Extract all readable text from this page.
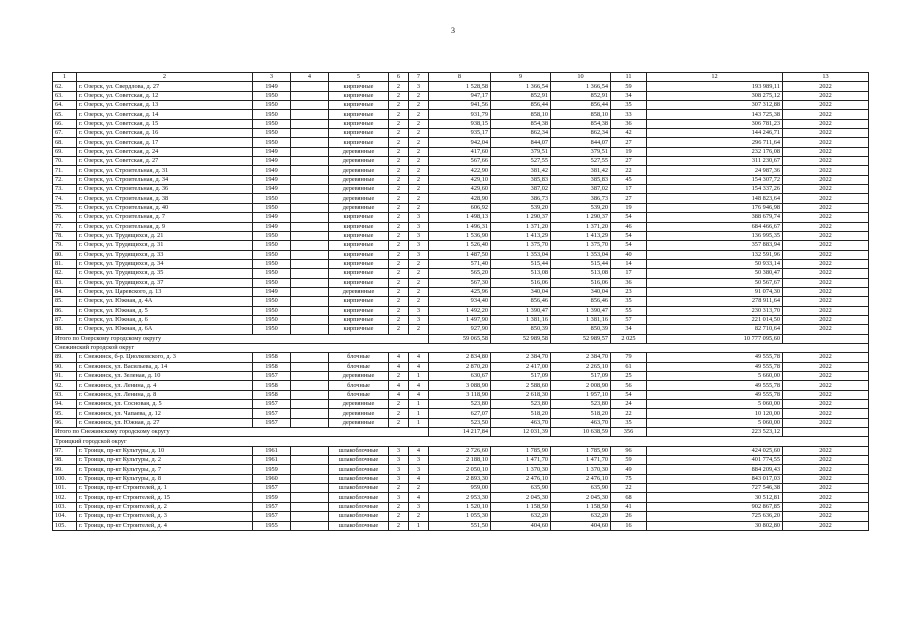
3
1	2	3	4	5	6	7	8	9	10	11	12	13
62.	г. Озерск, ул. Свердлова, д. 27	1949		кирпичные	2	3	1 528,58	1 366,54	1 366,54	59	193 989,11	2022
63.	г. Озерск, ул. Советская, д. 12	1950		кирпичные	2	2	947,17	852,91	852,91	34	308 275,12	2022
64.	г. Озерск, ул. Советская, д. 13	1950		кирпичные	2	2	941,56	856,44	856,44	35	307 312,88	2022
65.	г. Озерск, ул. Советская, д. 14	1950		кирпичные	2	2	931,79	858,10	858,10	33	143 725,38	2022
66.	г. Озерск, ул. Советская, д. 15	1950		кирпичные	2	2	938,15	854,38	854,38	36	306 781,23	2022
67.	г. Озерск, ул. Советская, д. 16	1950		кирпичные	2	2	935,17	862,34	862,34	42	144 246,71	2022
68.	г. Озерск, ул. Советская, д. 17	1950		кирпичные	2	2	942,04	844,07	844,07	27	296 711,64	2022
69.	г. Озерск, ул. Советская, д. 24	1949		деревянные	2	2	417,60	379,51	379,51	19	232 176,08	2022
70.	г. Озерск, ул. Советская, д. 27	1949		деревянные	2	2	567,66	527,55	527,55	27	311 230,67	2022
71.	г. Озерск, ул. Строительная, д. 31	1949		деревянные	2	2	422,90	381,42	381,42	22	24 987,36	2022
72.	г. Озерск, ул. Строительная, д. 34	1949		деревянные	2	2	429,10	385,83	385,83	45	154 307,72	2022
73.	г. Озерск, ул. Строительная, д. 36	1949		деревянные	2	2	429,60	387,02	387,02	17	154 337,26	2022
74.	г. Озерск, ул. Строительная, д. 38	1950		деревянные	2	2	428,90	386,73	386,73	27	148 823,64	2022
75.	г. Озерск, ул. Строительная, д. 40	1950		деревянные	2	2	606,92	539,20	539,20	19	176 946,98	2022
76.	г. Озерск, ул. Строительная, д. 7	1949		кирпичные	2	3	1 498,13	1 290,37	1 290,37	54	388 679,74	2022
77.	г. Озерск, ул. Строительная, д. 9	1949		кирпичные	2	3	1 496,31	1 371,20	1 371,20	46	684 466,67	2022
78.	г. Озерск, ул. Трудящихся, д. 21	1950		кирпичные	2	3	1 536,90	1 413,29	1 413,29	54	136 995,35	2022
79.	г. Озерск, ул. Трудящихся, д. 31	1950		кирпичные	2	3	1 526,40	1 375,70	1 375,70	54	357 883,94	2022
80.	г. Озерск, ул. Трудящихся, д. 33	1950		кирпичные	2	3	1 487,50	1 353,04	1 353,04	40	132 591,96	2022
81.	г. Озерск, ул. Трудящихся, д. 34	1950		кирпичные	2	2	571,40	515,44	515,44	14	50 933,14	2022
82.	г. Озерск, ул. Трудящихся, д. 35	1950		кирпичные	2	2	565,20	513,08	513,08	17	50 380,47	2022
83.	г. Озерск, ул. Трудящихся, д. 37	1950		кирпичные	2	2	567,30	516,06	516,06	36	50 567,67	2022
84.	г. Озерск, ул. Царевского, д. 13	1949		деревянные	2	2	425,96	340,04	340,04	23	91 074,30	2022
85.	г. Озерск, ул. Южная, д. 4А	1950		кирпичные	2	2	934,40	856,46	856,46	35	278 911,64	2022
86.	г. Озерск, ул. Южная, д. 5	1950		кирпичные	2	3	1 492,20	1 390,47	1 390,47	55	230 313,70	2022
87.	г. Озерск, ул. Южная, д. 6	1950		кирпичные	2	3	1 497,90	1 381,16	1 381,16	57	221 014,50	2022
88.	г. Озерск, ул. Южная, д. 6А	1950		кирпичные	2	2	927,90	850,39	850,39	34	82 710,64	2022
Итого по Озерскому городскому округу							59 065,58	52 989,58	52 989,57	2 025	10 777 095,60	
Снежинский городской округ												
89.	г. Снежинск, б-р. Циолковского, д. 3	1958		блочные	4	4	2 834,80	2 384,70	2 384,70	79	49 555,78	2022
90.	г. Снежинск, ул. Васильева, д. 14	1958		блочные	4	4	2 870,20	2 417,00	2 265,10	61	49 555,78	2022
91.	г. Снежинск, ул. Зеленая, д. 10	1957		деревянные	2	1	630,67	517,09	517,09	25	5 660,00	2022
92.	г. Снежинск, ул. Ленина, д. 4	1958		блочные	4	4	3 088,90	2 588,60	2 008,90	56	49 555,78	2022
93.	г. Снежинск, ул. Ленина, д. 8	1958		блочные	4	4	3 118,90	2 618,30	1 957,10	54	49 555,78	2022
94.	г. Снежинск, ул. Сосновая, д. 5	1957		деревянные	2	1	523,80	523,80	523,80	24	5 060,00	2022
95.	г. Снежинск, ул. Чапаева, д. 12	1957		деревянные	2	1	627,07	518,20	518,20	22	10 120,00	2022
96.	г. Снежинск, ул. Южная, д. 27	1957		деревянные	2	1	523,50	463,70	463,70	35	5 060,00	2022
Итого по Снежинскому городскому округу							14 217,84	12 031,39	10 638,59	356	223 523,12	
Троицкий городской округ												
97.	г. Троицк, пр-кт Культуры, д. 10	1961		шлакоблочные	3	4	2 726,60	1 785,90	1 785,90	96	424 025,60	2022
98.	г. Троицк, пр-кт Культуры, д. 2	1961		шлакоблочные	3	3	2 188,10	1 471,70	1 471,70	59	401 774,55	2022
99.	г. Троицк, пр-кт Культуры, д. 7	1959		шлакоблочные	3	3	2 050,10	1 370,30	1 370,30	49	884 209,43	2022
100.	г. Троицк, пр-кт Культуры, д. 8	1960		шлакоблочные	3	4	2 893,30	2 476,10	2 476,10	75	843 017,03	2022
101.	г. Троицк, пр-кт Строителей, д. 1	1957		шлакоблочные	2	2	959,00	635,90	635,90	22	727 546,38	2022
102.	г. Троицк, пр-кт Строителей, д. 15	1959		шлакоблочные	3	4	2 953,30	2 045,30	2 045,30	68	30 512,81	2022
103.	г. Троицк, пр-кт Строителей, д. 2	1957		шлакоблочные	2	3	1 520,10	1 158,50	1 158,50	41	902 867,85	2022
104.	г. Троицк, пр-кт Строителей, д. 3	1957		шлакоблочные	2	2	1 055,30	632,20	632,20	26	725 636,20	2022
105.	г. Троицк, пр-кт Строителей, д. 4	1955		шлакоблочные	2	1	551,50	404,60	404,60	16	30 802,80	2022
